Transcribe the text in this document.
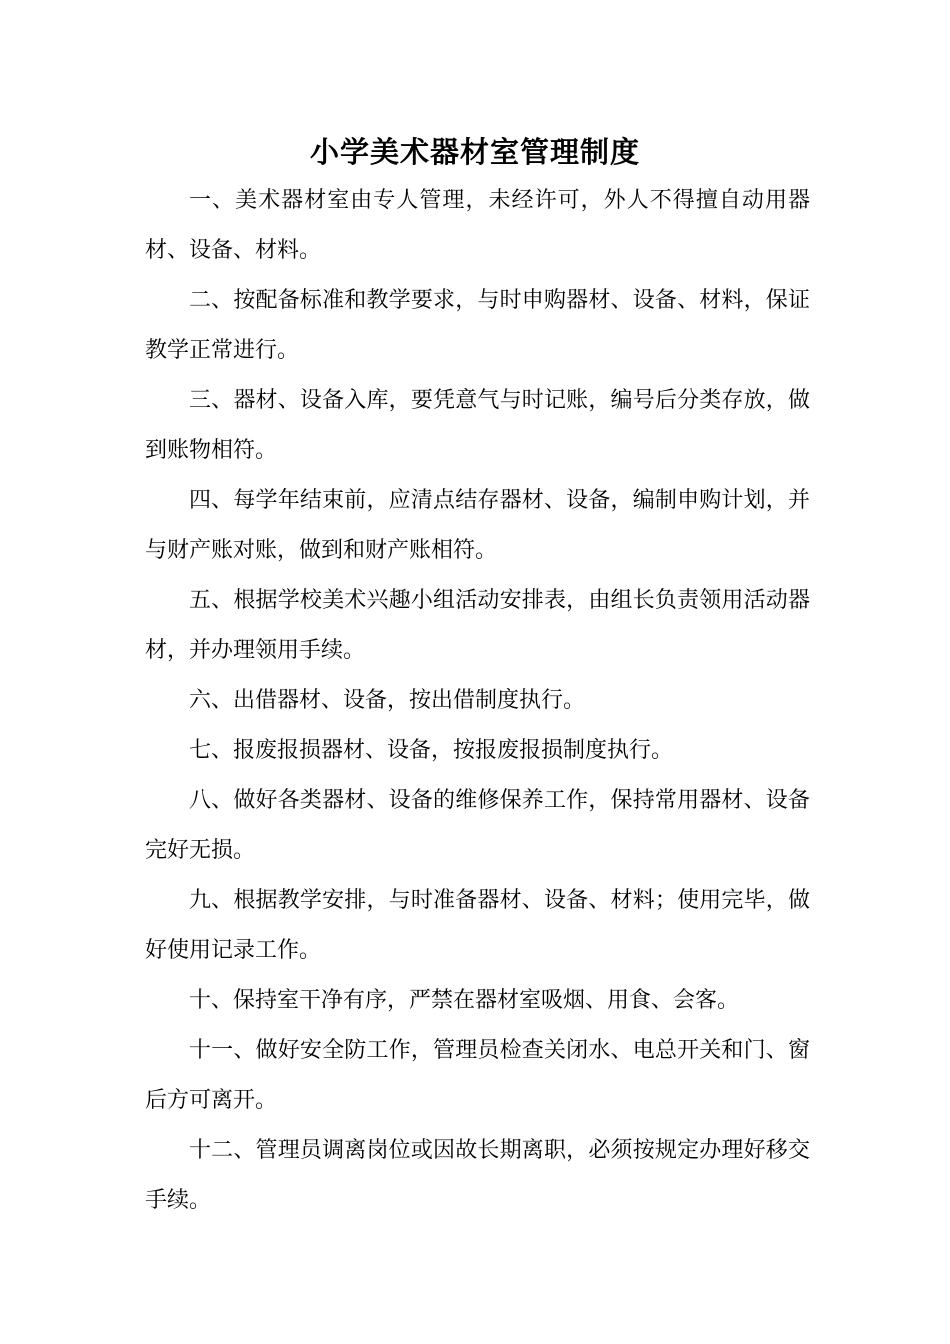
小学美术器材室管理制度

一、美术器材室由专人管理，未经许可，外人不得擅自动用器材、设备、材料。

二、按配备标准和教学要求，与时申购器材、设备、材料，保证教学正常进行。

三、器材、设备入库，要凭意气与时记账，编号后分类存放，做到账物相符。

四、每学年结束前，应清点结存器材、设备，编制申购计划，并与财产账对账，做到和财产账相符。

五、根据学校美术兴趣小组活动安排表，由组长负责领用活动器材，并办理领用手续。

六、出借器材、设备，按出借制度执行。

七、报废报损器材、设备，按报废报损制度执行。

八、做好各类器材、设备的维修保养工作，保持常用器材、设备完好无损。

九、根据教学安排，与时准备器材、设备、材料；使用完毕，做好使用记录工作。

十、保持室干净有序，严禁在器材室吸烟、用食、会客。

十一、做好安全防工作，管理员检查关闭水、电总开关和门、窗后方可离开。

十二、管理员调离岗位或因故长期离职，必须按规定办理好移交手续。
